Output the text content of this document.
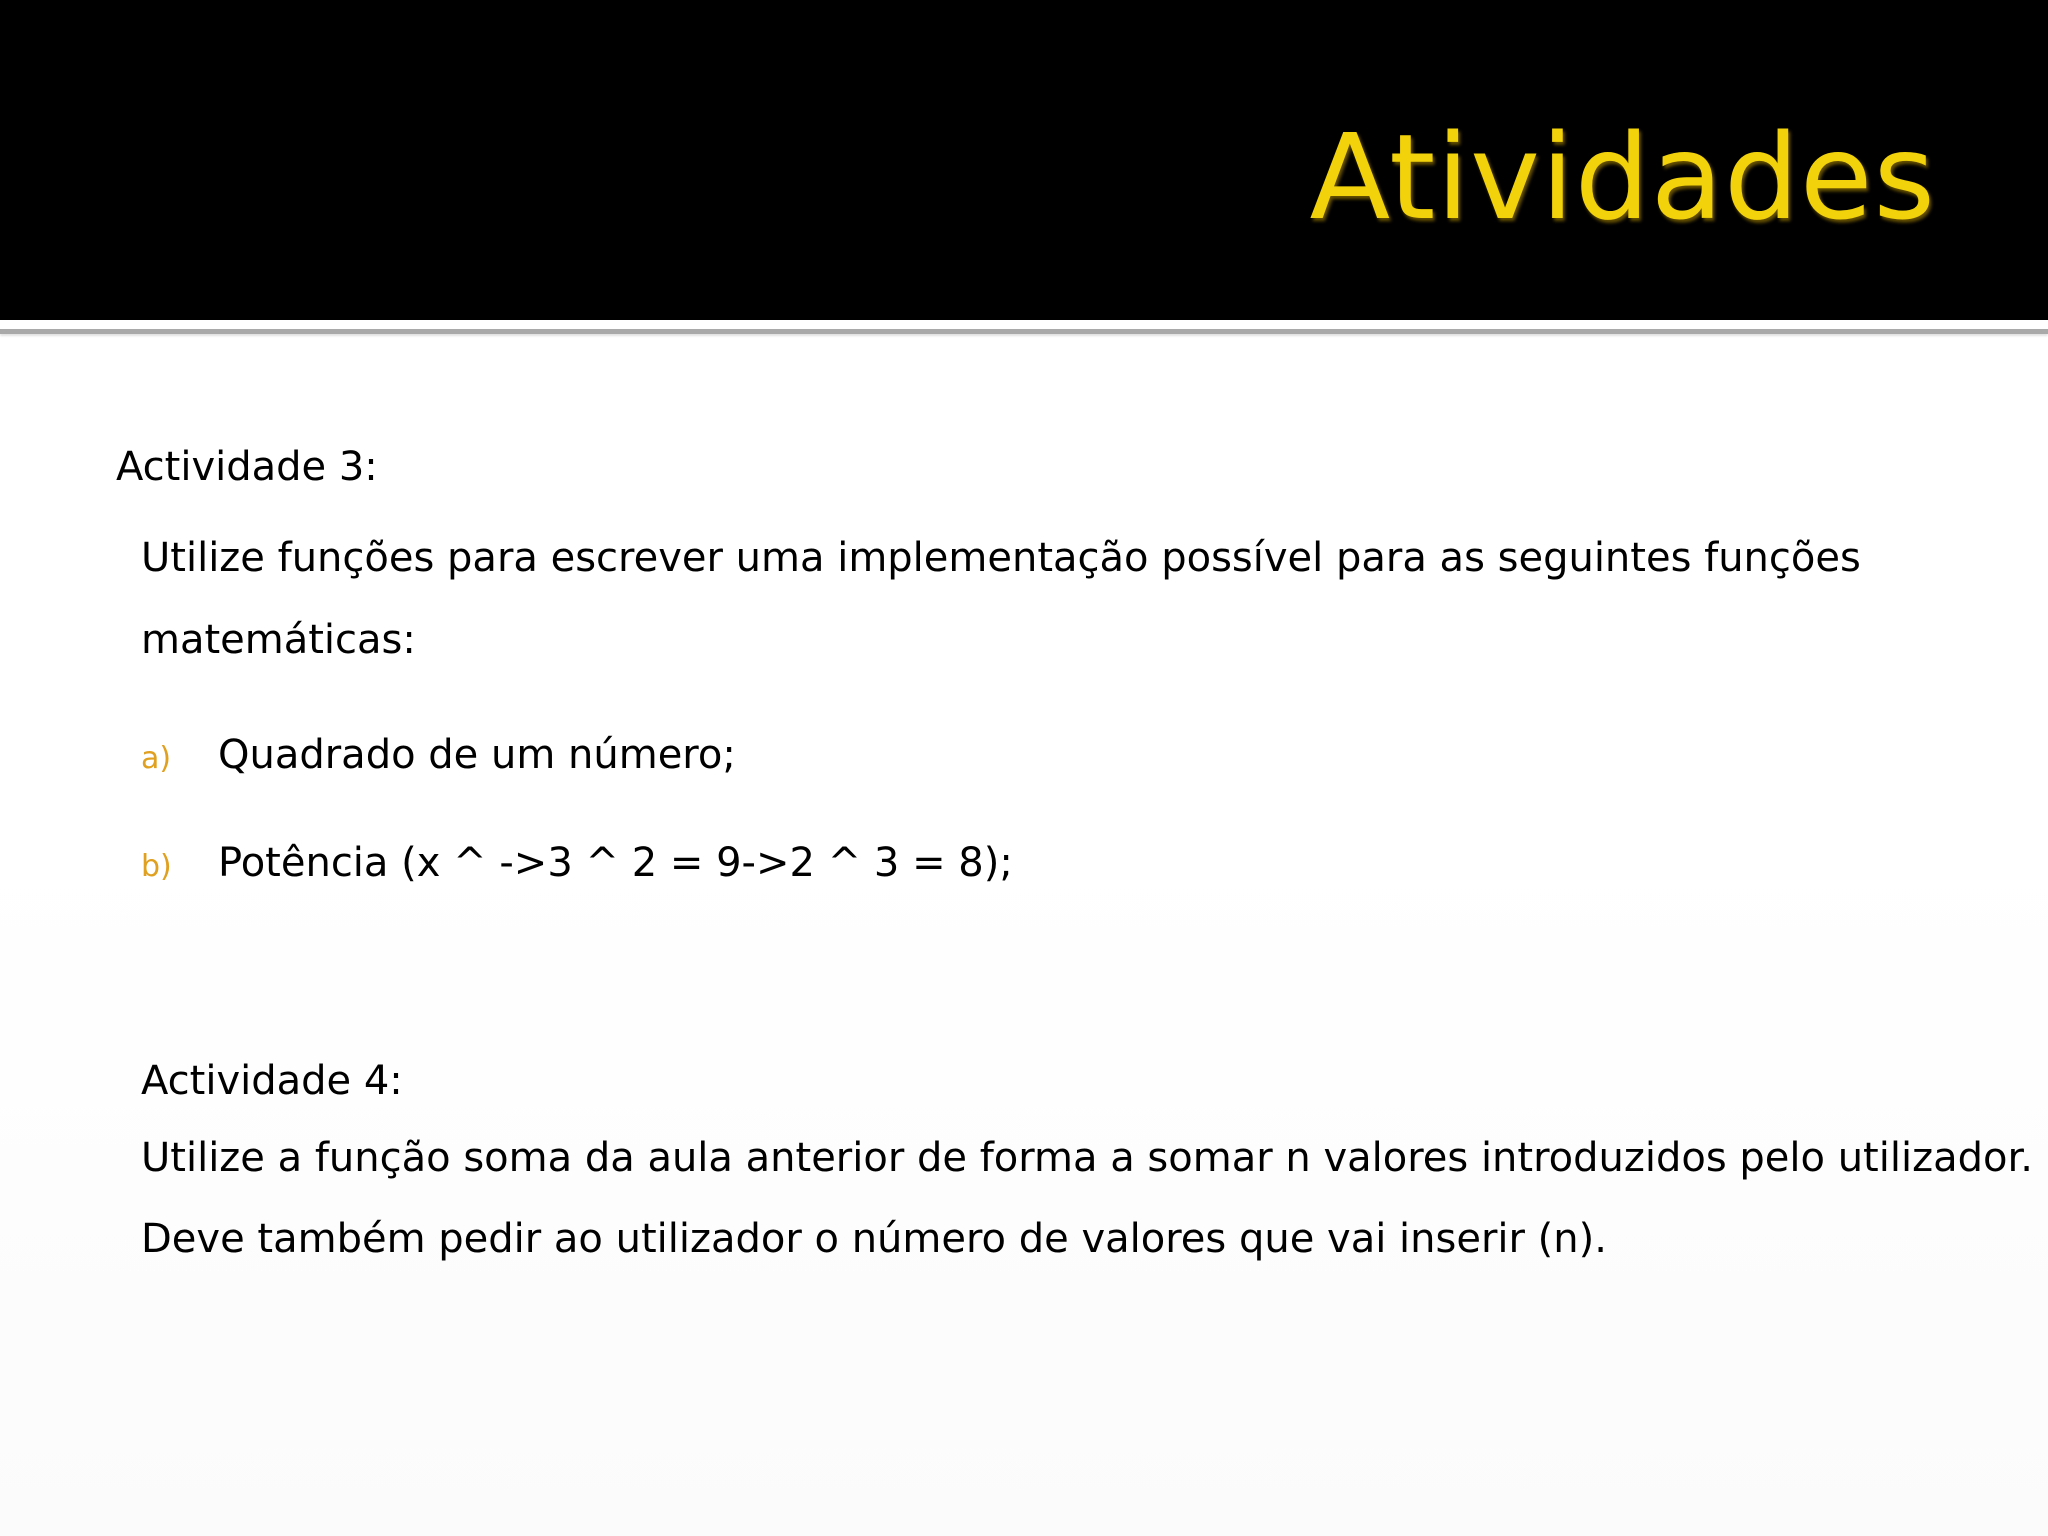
Atividades
Actividade 3:
Utilize funções para escrever uma implementação possível para as seguintes funções
matemáticas:
a) Quadrado de um número;
b) Potência (x ^ ->3 ^ 2 = 9->2 ^ 3 = 8);
Actividade 4:
Utilize a função soma da aula anterior de forma a somar n valores introduzidos pelo utilizador.
Deve também pedir ao utilizador o número de valores que vai inserir (n).
